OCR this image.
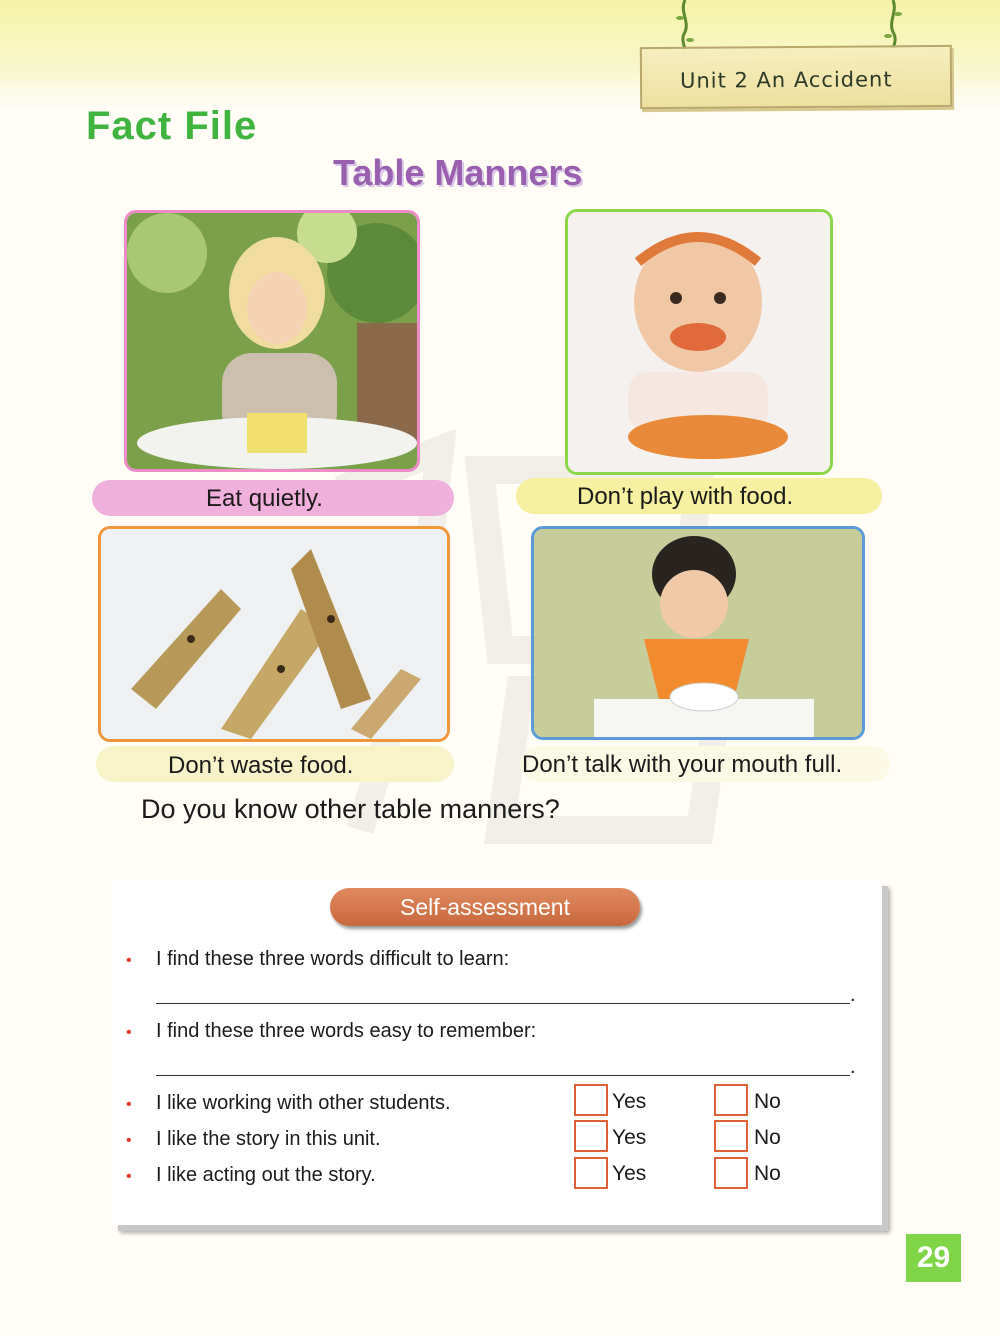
Unit 2 An Accident
Fact File
Table Manners
Eat quietly.	Don’t play with food.
Don’t waste food.	Don’t talk with your mouth full.
Do you know other table manners?
Self-assessment
• I find these three words difficult to learn:
.
• I find these three words easy to remember:
.
• I like working with other students.	Yes	No
• I like the story in this unit.	Yes	No
• I like acting out the story.	Yes	No
29
